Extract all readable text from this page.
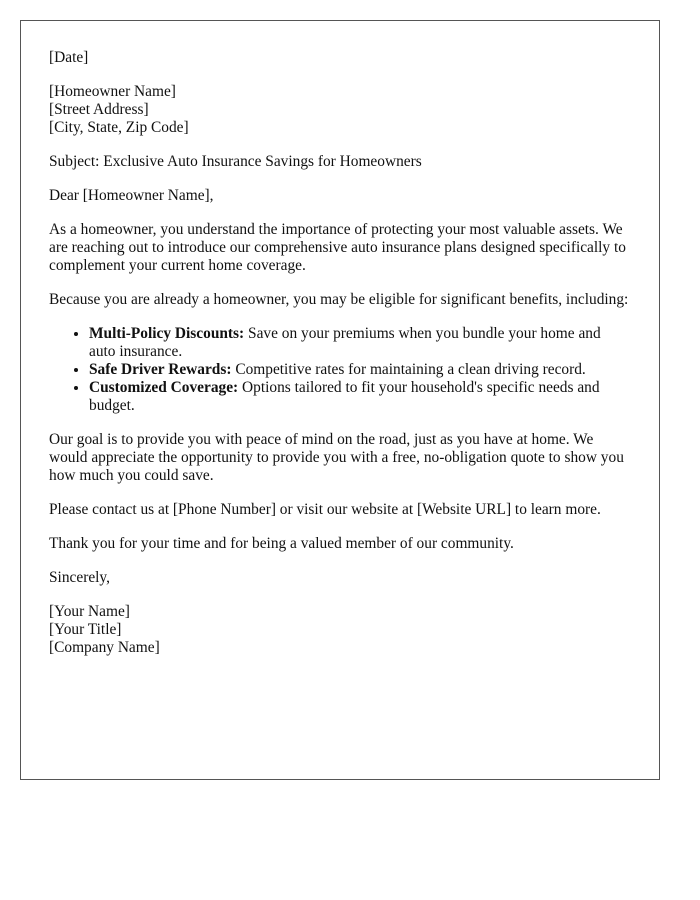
[Date]

[Homeowner Name]
[Street Address]
[City, State, Zip Code]

Subject: Exclusive Auto Insurance Savings for Homeowners

Dear [Homeowner Name],

As a homeowner, you understand the importance of protecting your most valuable assets. We are reaching out to introduce our comprehensive auto insurance plans designed specifically to complement your current home coverage.

Because you are already a homeowner, you may be eligible for significant benefits, including:

• Multi-Policy Discounts: Save on your premiums when you bundle your home and auto insurance.
• Safe Driver Rewards: Competitive rates for maintaining a clean driving record.
• Customized Coverage: Options tailored to fit your household's specific needs and budget.

Our goal is to provide you with peace of mind on the road, just as you have at home. We would appreciate the opportunity to provide you with a free, no-obligation quote to show you how much you could save.

Please contact us at [Phone Number] or visit our website at [Website URL] to learn more.

Thank you for your time and for being a valued member of our community.

Sincerely,

[Your Name]
[Your Title]
[Company Name]
